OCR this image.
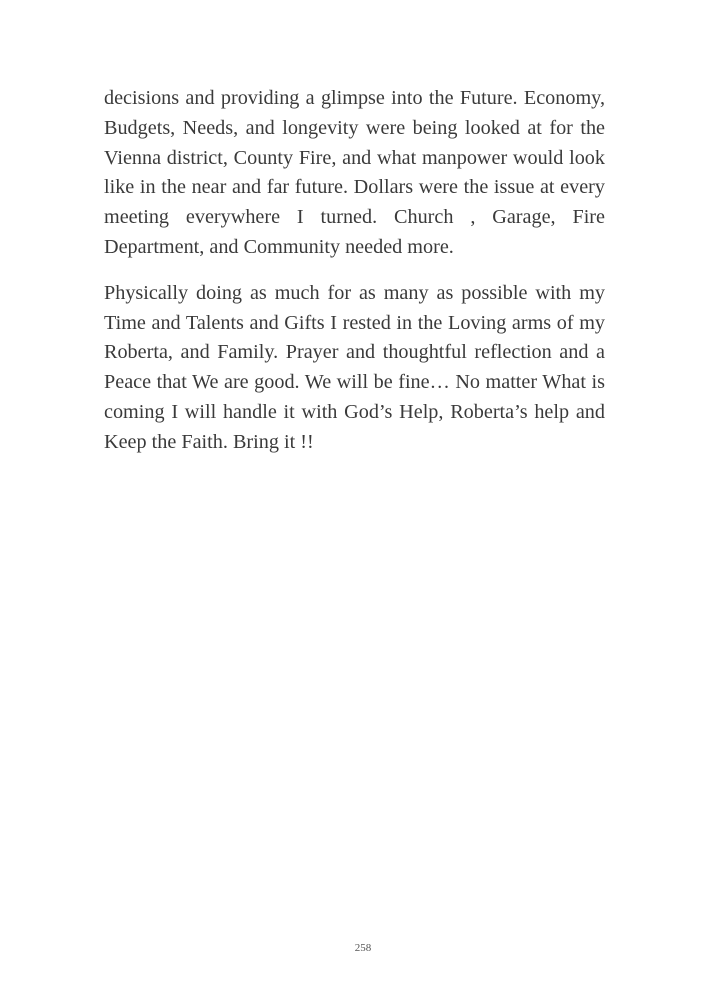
decisions and providing a glimpse into the Future. Economy, Budgets, Needs, and longevity were being looked at for the Vienna district, County Fire, and what manpower would look like in the near and far future. Dollars were the issue at every meeting everywhere I turned. Church , Garage, Fire Department, and Community needed more.

Physically doing as much for as many as possible with my Time and Talents and Gifts I rested in the Loving arms of my Roberta, and Family. Prayer and thoughtful reflection and a Peace that We are good. We will be fine… No matter What is coming I will handle it with God’s Help, Roberta’s help and Keep the Faith. Bring it !!

258
